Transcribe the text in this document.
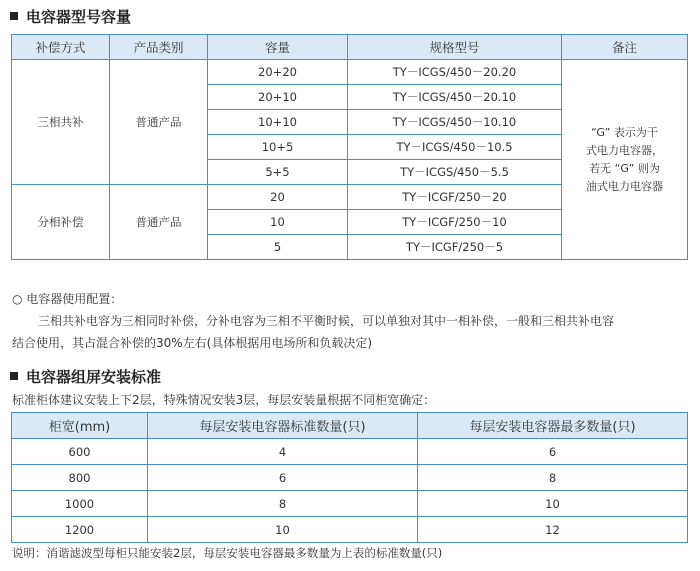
电容器型号容量
补偿方式	产品类别	容量	规格型号	备注
三相共补	普通产品	20+20	TY－ICGS/450－20.20	“G” 表示为干
式电力电容器，
若无 “G” 则为
油式电力电容器

		20+10	TY－ICGS/450－20.10	
		10+10	TY－ICGS/450－10.10	
		10+5	TY－ICGS/450－10.5	
		5+5	TY－ICGS/450－5.5	
分相补偿	普通产品	20	TY－ICGF/250－20	
		10	TY－ICGF/250－10	
		5	TY－ICGF/250－5	
○ 电容器使用配置：
三相共补电容为三相同时补偿，分补电容为三相不平衡时候，可以单独对其中一相补偿，一般和三相共补电容
结合使用，其占混合补偿的30%左右(具体根据用电场所和负载决定)
电容器组屏安装标准
标准柜体建议安装上下2层，特殊情况安装3层，每层安装量根据不同柜宽确定：
柜宽(mm)	每层安装电容器标准数量(只)	每层安装电容器最多数量(只)
600	4	6
800	6	8
1000	8	10
1200	10	12
说明：消谐滤波型每柜只能安装2层，每层安装电容器最多数量为上表的标准数量(只)
